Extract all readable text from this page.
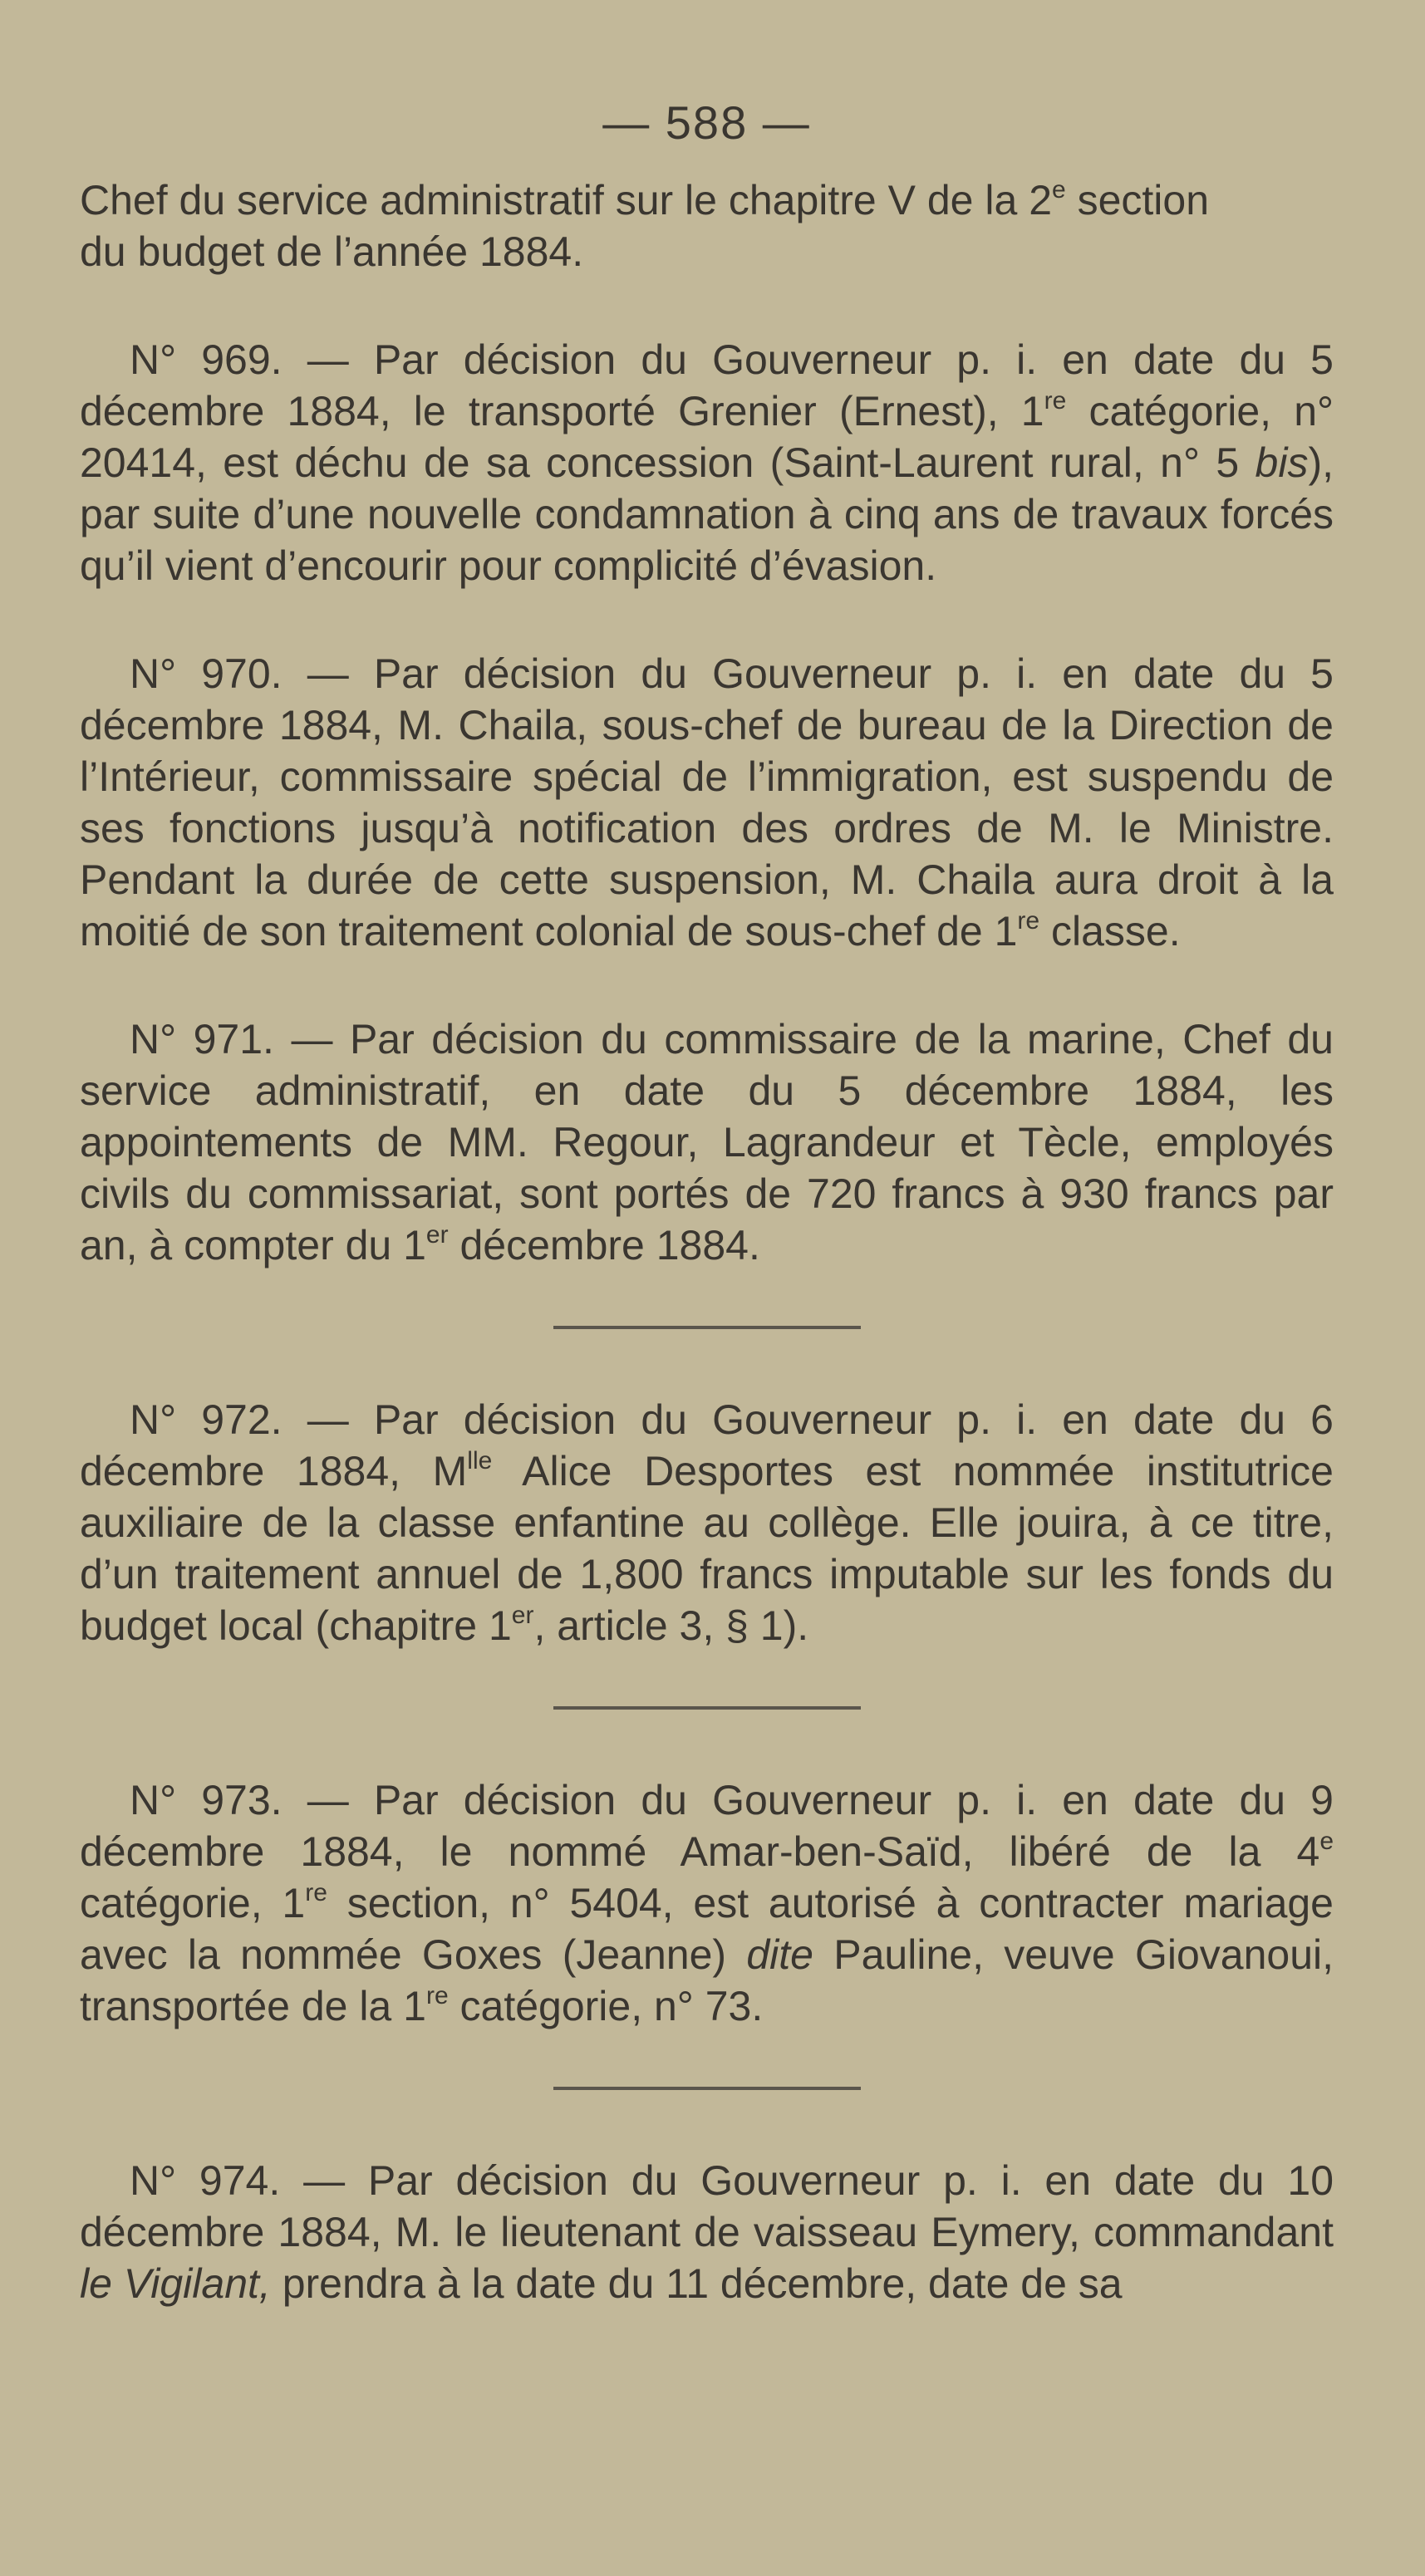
— 588 —

Chef du service administratif sur le chapitre V de la 2e section
du budget de l’année 1884.

N° 969. — Par décision du Gouverneur p. i. en date du 5 décembre 1884, le transporté Grenier (Ernest), 1re catégorie, n° 20414, est déchu de sa concession (Saint-Laurent rural, n° 5 bis), par suite d’une nouvelle condamnation à cinq ans de travaux forcés qu’il vient d’encourir pour complicité d’évasion.

N° 970. — Par décision du Gouverneur p. i. en date du 5 décembre 1884, M. Chaila, sous-chef de bureau de la Direction de l’Intérieur, commissaire spécial de l’immigration, est suspendu de ses fonctions jusqu’à notification des ordres de M. le Ministre. Pendant la durée de cette suspension, M. Chaila aura droit à la moitié de son traitement colonial de sous-chef de 1re classe.

N° 971. — Par décision du commissaire de la marine, Chef du service administratif, en date du 5 décembre 1884, les appointements de MM. Regour, Lagrandeur et Tècle, employés civils du commissariat, sont portés de 720 francs à 930 francs par an, à compter du 1er décembre 1884.

N° 972. — Par décision du Gouverneur p. i. en date du 6 décembre 1884, $M^{lle}$ Alice Desportes est nommée institutrice auxiliaire de la classe enfantine au collège. Elle jouira, à ce titre, d’un traitement annuel de 1,800 francs imputable sur les fonds du budget local (chapitre 1er, article 3, § 1).

N° 973. — Par décision du Gouverneur p. i. en date du 9 décembre 1884, le nommé Amar-ben-Saïd, libéré de la 4e catégorie, 1re section, n° 5404, est autorisé à contracter mariage avec la nommée Goxes (Jeanne) dite Pauline, veuve Giovanoui, transportée de la 1re catégorie, n° 73.

N° 974. — Par décision du Gouverneur p. i. en date du 10 décembre 1884, M. le lieutenant de vaisseau Eymery, commandant le Vigilant, prendra à la date du 11 décembre, date de sa
